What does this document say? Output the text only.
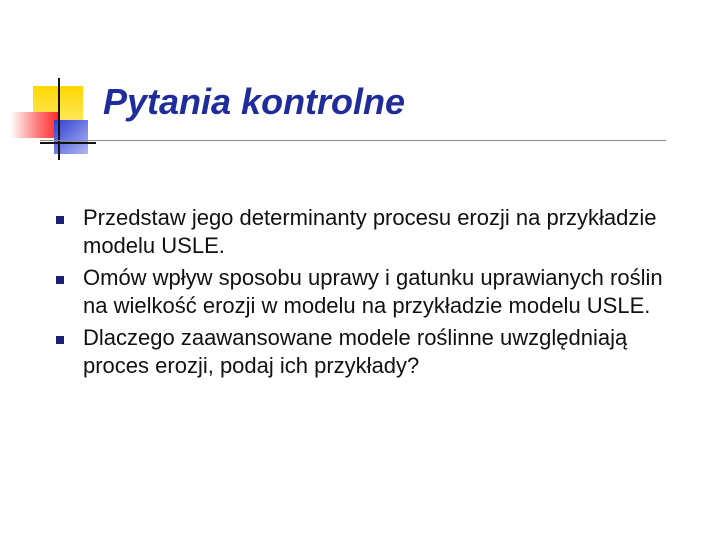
Pytania kontrolne
Przedstaw jego determinanty procesu erozji na przykładzie modelu USLE.
Omów wpływ sposobu uprawy i gatunku uprawianych roślin na wielkość erozji w modelu na przykładzie modelu USLE.
Dlaczego zaawansowane modele roślinne uwzględniają proces erozji, podaj ich przykłady?
